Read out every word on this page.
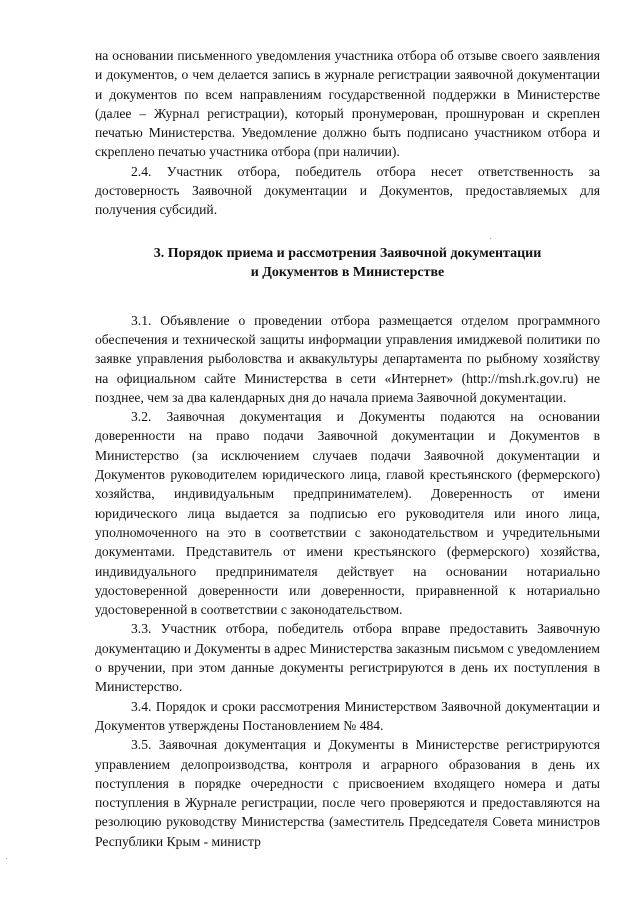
на основании письменного уведомления участника отбора об отзыве своего заявления и документов, о чем делается запись в журнале регистрации заявочной документации и документов по всем направлениям государственной поддержки в Министерстве (далее – Журнал регистрации), который пронумерован, прошнурован и скреплен печатью Министерства. Уведомление должно быть подписано участником отбора и скреплено печатью участника отбора (при наличии).

2.4. Участник отбора, победитель отбора несет ответственность за достоверность Заявочной документации и Документов, предоставляемых для получения субсидий.

3. Порядок приема и рассмотрения Заявочной документации
и Документов в Министерстве

3.1. Объявление о проведении отбора размещается отделом программного обеспечения и технической защиты информации управления имиджевой политики по заявке управления рыболовства и аквакультуры департамента по рыбному хозяйству на официальном сайте Министерства в сети «Интернет» (http://msh.rk.gov.ru) не позднее, чем за два календарных дня до начала приема Заявочной документации.

3.2. Заявочная документация и Документы подаются на основании доверенности на право подачи Заявочной документации и Документов в Министерство (за исключением случаев подачи Заявочной документации и Документов руководителем юридического лица, главой крестьянского (фермерского) хозяйства, индивидуальным предпринимателем). Доверенность от имени юридического лица выдается за подписью его руководителя или иного лица, уполномоченного на это в соответствии с законодательством и учредительными документами. Представитель от имени крестьянского (фермерского) хозяйства, индивидуального предпринимателя действует на основании нотариально удостоверенной доверенности или доверенности, приравненной к нотариально удостоверенной в соответствии с законодательством.

3.3. Участник отбора, победитель отбора вправе предоставить Заявочную документацию и Документы в адрес Министерства заказным письмом с уведомлением о вручении, при этом данные документы регистрируются в день их поступления в Министерство.

3.4. Порядок и сроки рассмотрения Министерством Заявочной документации и Документов утверждены Постановлением № 484.

3.5. Заявочная документация и Документы в Министерстве регистрируются управлением делопроизводства, контроля и аграрного образования в день их поступления в порядке очередности с присвоением входящего номера и даты поступления в Журнале регистрации, после чего проверяются и предоставляются на резолюцию руководству Министерства (заместитель Председателя Совета министров Республики Крым - министр
